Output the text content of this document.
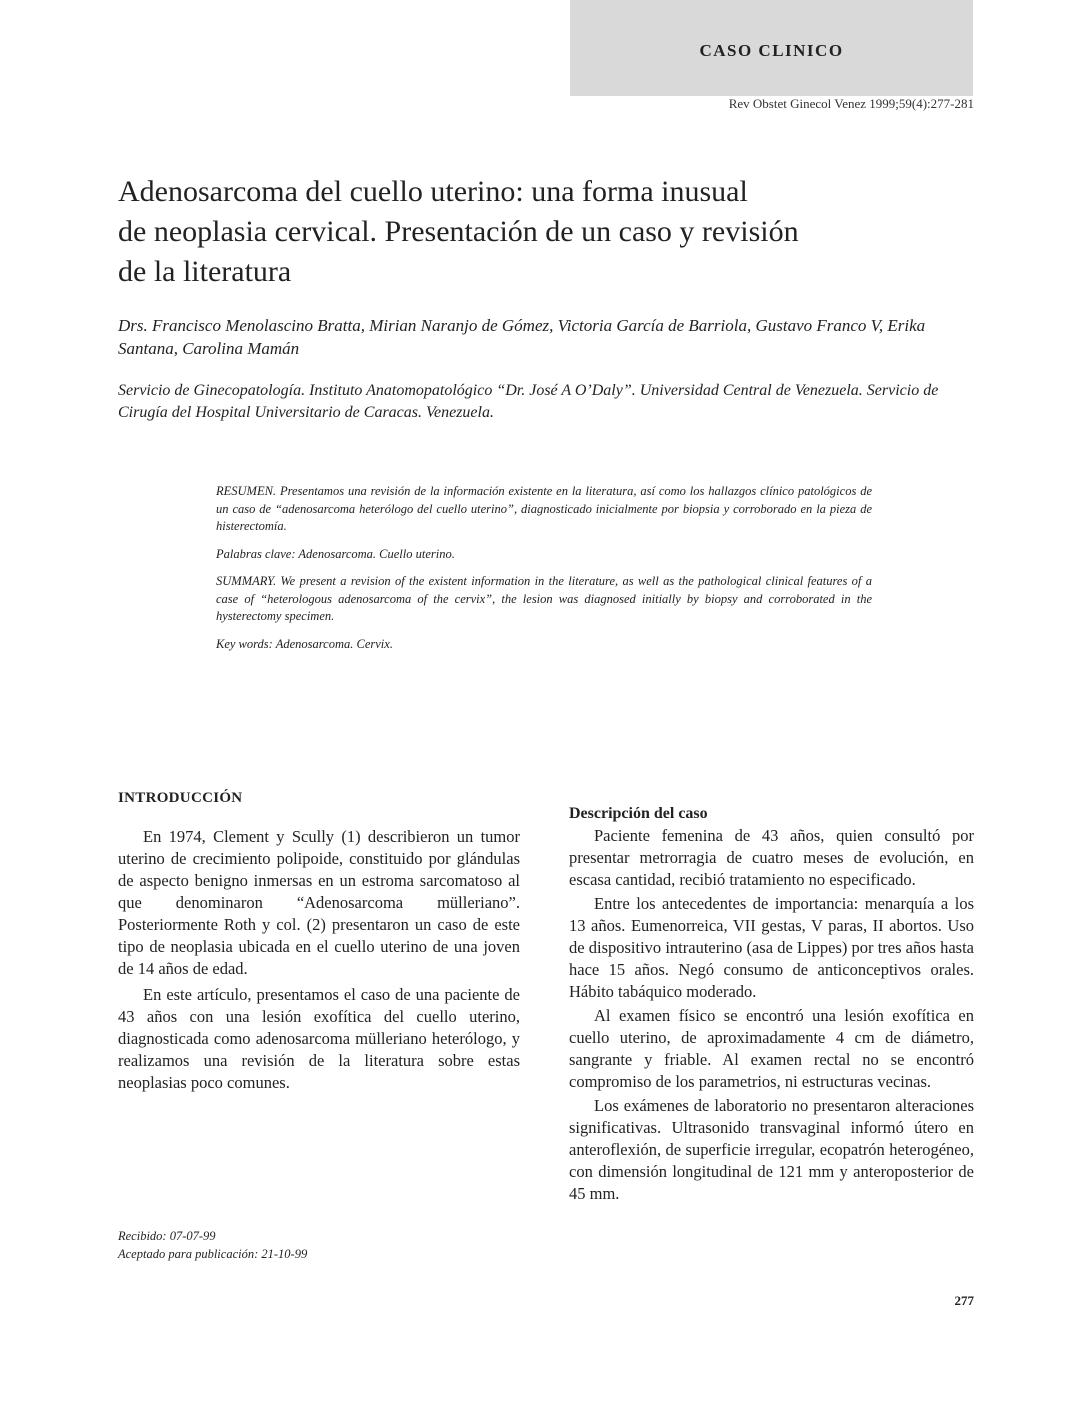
CASO CLINICO
Rev Obstet Ginecol Venez 1999;59(4):277-281
Adenosarcoma del cuello uterino: una forma inusual
de neoplasia cervical. Presentación de un caso y revisión
de la literatura
Drs. Francisco Menolascino Bratta, Mirian Naranjo de Gómez, Victoria García de Barriola, Gustavo Franco V, Erika Santana, Carolina Mamán
Servicio de Ginecopatología. Instituto Anatomopatológico “Dr. José A O’Daly”. Universidad Central de Venezuela. Servicio de Cirugía del Hospital Universitario de Caracas. Venezuela.

RESUMEN. Presentamos una revisión de la información existente en la literatura, así como los hallazgos clínico patológicos de un caso de “adenosarcoma heterólogo del cuello uterino”, diagnosticado inicialmente por biopsia y corroborado en la pieza de histerectomía.

Palabras clave: Adenosarcoma. Cuello uterino.

SUMMARY. We present a revision of the existent information in the literature, as well as the pathological clinical features of a case of “heterologous adenosarcoma of the cervix”, the lesion was diagnosed initially by biopsy and corroborated in the hysterectomy specimen.

Key words: Adenosarcoma. Cervix.

INTRODUCCIÓN

En 1974, Clement y Scully (1) describieron un tumor uterino de crecimiento polipoide, constituido por glándulas de aspecto benigno inmersas en un estroma sarcomatoso al que denominaron “Adenosarcoma mülleriano”. Posteriormente Roth y col. (2) presentaron un caso de este tipo de neoplasia ubicada en el cuello uterino de una joven de 14 años de edad.

En este artículo, presentamos el caso de una paciente de 43 años con una lesión exofítica del cuello uterino, diagnosticada como adenosarcoma mülleriano heterólogo, y realizamos una revisión de la literatura sobre estas neoplasias poco comunes.

Descripción del caso

Paciente femenina de 43 años, quien consultó por presentar metrorragia de cuatro meses de evolución, en escasa cantidad, recibió tratamiento no especificado.

Entre los antecedentes de importancia: menarquía a los 13 años. Eumenorreica, VII gestas, V paras, II abortos. Uso de dispositivo intrauterino (asa de Lippes) por tres años hasta hace 15 años. Negó consumo de anticonceptivos orales. Hábito tabáquico moderado.

Al examen físico se encontró una lesión exofítica en cuello uterino, de aproximadamente 4 cm de diámetro, sangrante y friable. Al examen rectal no se encontró compromiso de los parametrios, ni estructuras vecinas.

Los exámenes de laboratorio no presentaron alteraciones significativas. Ultrasonido transvaginal informó útero en anteroflexión, de superficie irregular, ecopatrón heterogéneo, con dimensión longitudinal de 121 mm y anteroposterior de 45 mm.

Recibido: 07-07-99
Aceptado para publicación: 21-10-99
277
